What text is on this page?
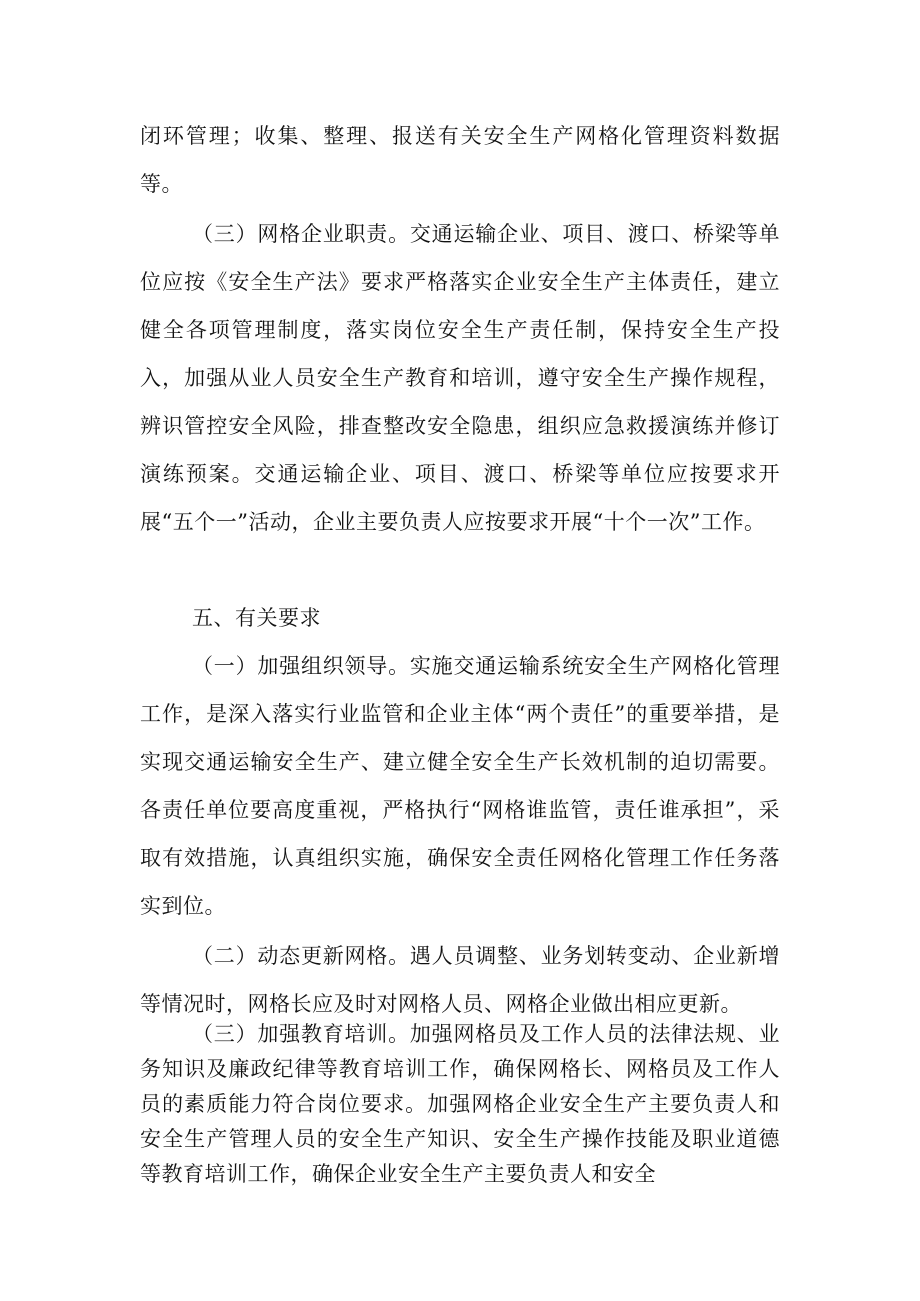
闭环管理；收集、整理、报送有关安全生产网格化管理资料数据等。

（三）网格企业职责。交通运输企业、项目、渡口、桥梁等单位应按《安全生产法》要求严格落实企业安全生产主体责任，建立健全各项管理制度，落实岗位安全生产责任制，保持安全生产投入，加强从业人员安全生产教育和培训，遵守安全生产操作规程，辨识管控安全风险，排查整改安全隐患，组织应急救援演练并修订演练预案。交通运输企业、项目、渡口、桥梁等单位应按要求开展“五个一”活动，企业主要负责人应按要求开展“十个一次”工作。

五、有关要求

（一）加强组织领导。实施交通运输系统安全生产网格化管理工作，是深入落实行业监管和企业主体“两个责任”的重要举措，是实现交通运输安全生产、建立健全安全生产长效机制的迫切需要。各责任单位要高度重视，严格执行“网格谁监管，责任谁承担”，采取有效措施，认真组织实施，确保安全责任网格化管理工作任务落实到位。

（二）动态更新网格。遇人员调整、业务划转变动、企业新增等情况时，网格长应及时对网格人员、网格企业做出相应更新。

（三）加强教育培训。加强网格员及工作人员的法律法规、业务知识及廉政纪律等教育培训工作，确保网格长、网格员及工作人员的素质能力符合岗位要求。加强网格企业安全生产主要负责人和安全生产管理人员的安全生产知识、安全生产操作技能及职业道德等教育培训工作，确保企业安全生产主要负责人和安全
